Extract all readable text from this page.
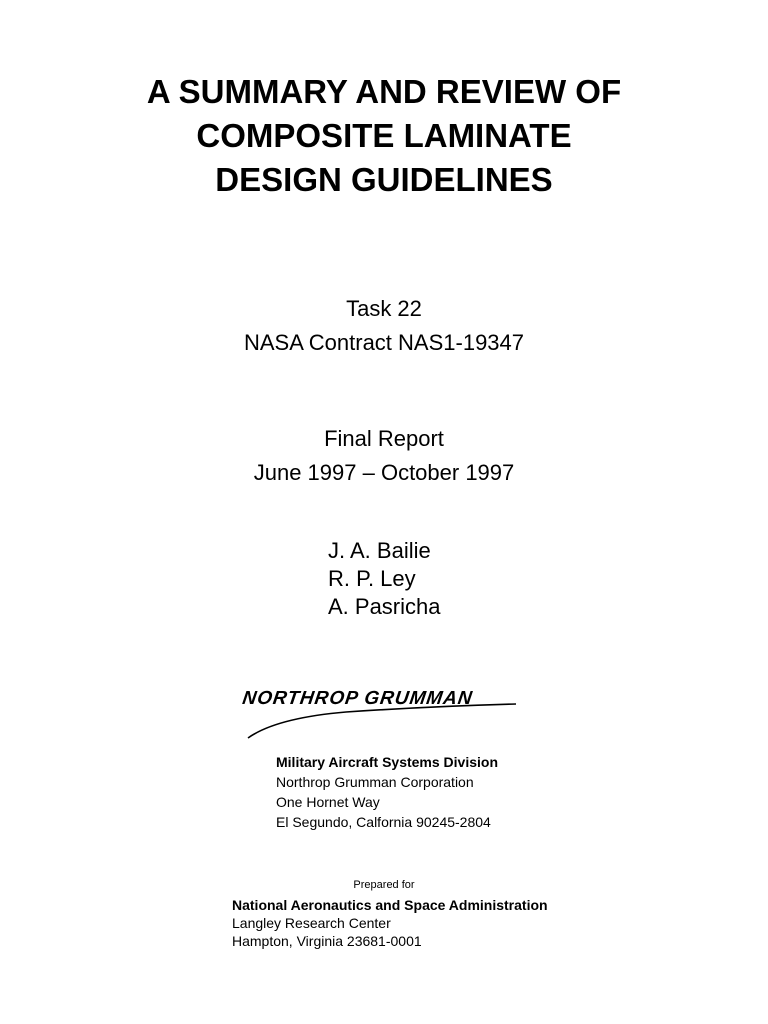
A SUMMARY AND REVIEW OF
COMPOSITE LAMINATE
DESIGN GUIDELINES
Task 22
NASA Contract NAS1-19347
Final Report
June 1997 – October 1997
J. A. Bailie
R. P. Ley
A. Pasricha
NORTHROP GRUMMAN
Military Aircraft Systems Division
Northrop Grumman Corporation
One Hornet Way
El Segundo, Calfornia 90245-2804
Prepared for
National Aeronautics and Space Administration
Langley Research Center
Hampton, Virginia 23681-0001
